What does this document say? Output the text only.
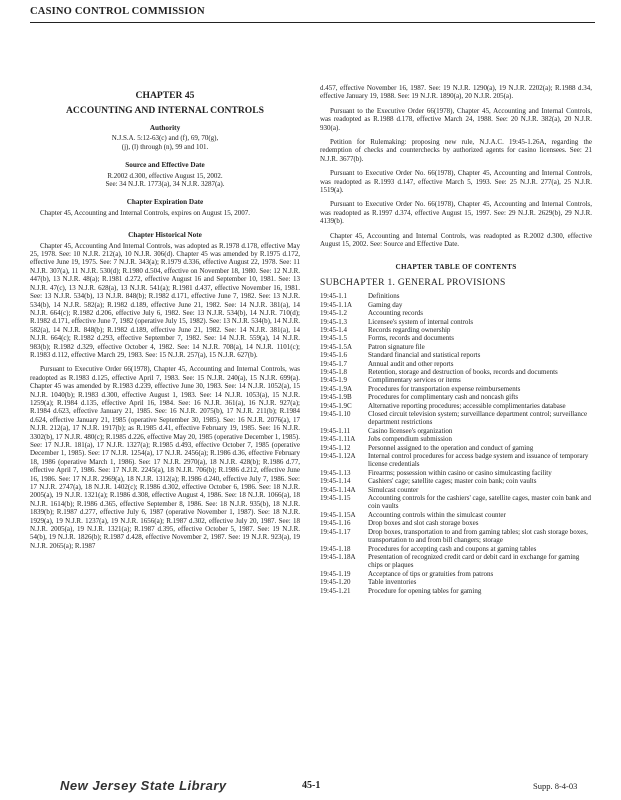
CASINO CONTROL COMMISSION
CHAPTER 45
ACCOUNTING AND INTERNAL CONTROLS
Authority

N.J.S.A. 5:12-63(c) and (f), 69, 70(g),

(j), (l) through (n), 99 and 101.

Source and Effective Date

R.2002 d.300, effective August 15, 2002.

See: 34 N.J.R. 1773(a), 34 N.J.R. 3287(a).

Chapter Expiration Date

Chapter 45, Accounting and Internal Controls, expires on August 15, 2007.

Chapter Historical Note

Chapter 45, Accounting And Internal Controls, was adopted as R.1978 d.178, effective May 25, 1978. See: 10 N.J.R. 212(a), 10 N.J.R. 306(d). Chapter 45 was amended by R.1975 d.172, effective June 19, 1975. See: 7 N.J.R. 343(a); R.1979 d.336, effective August 22, 1978. See: 11 N.J.R. 307(a), 11 N.J.R. 530(d); R.1980 d.504, effective on November 18, 1980. See: 12 N.J.R. 447(b), 13 N.J.R. 48(a); R.1981 d.272, effective August 16 and September 10, 1981. See: 13 N.J.R. 47(c), 13 N.J.R. 628(a), 13 N.J.R. 541(a); R.1981 d.437, effective November 16, 1981. See: 13 N.J.R. 534(b), 13 N.J.R. 848(b); R.1982 d.171, effective June 7, 1982. See: 13 N.J.R. 534(b), 14 N.J.R. 582(a); R.1982 d.189, effective June 21, 1982. See: 14 N.J.R. 381(a), 14 N.J.R. 664(c); R.1982 d.206, effective July 6, 1982. See: 13 N.J.R. 534(b), 14 N.J.R. 710(d); R.1982 d.171, effective June 7, 1982 (operative July 15, 1982). See: 13 N.J.R. 534(b), 14 N.J.R. 582(a), 14 N.J.R. 848(b); R.1982 d.189, effective June 21, 1982. See: 14 N.J.R. 381(a), 14 N.J.R. 664(c); R.1982 d.293, effective September 7, 1982. See: 14 N.J.R. 559(a), 14 N.J.R. 983(b); R.1982 d.329, effective October 4, 1982. See: 14 N.J.R. 708(a), 14 N.J.R. 1101(c); R.1983 d.112, effective March 29, 1983. See: 15 N.J.R. 257(a), 15 N.J.R. 627(b).

Pursuant to Executive Order 66(1978), Chapter 45, Accounting and Internal Controls, was readopted as R.1983 d.125, effective April 7, 1983. See: 15 N.J.R. 240(a), 15 N.J.R. 699(a). Chapter 45 was amended by R.1983 d.239, effective June 30, 1983. See: 14 N.J.R. 1052(a), 15 N.J.R. 1040(b); R.1983 d.300, effective August 1, 1983. See: 14 N.J.R. 1053(a), 15 N.J.R. 1259(a); R.1984 d.135, effective April 16, 1984. See: 16 N.J.R. 361(a), 16 N.J.R. 927(a); R.1984 d.623, effective January 21, 1985. See: 16 N.J.R. 2075(b), 17 N.J.R. 211(b); R.1984 d.624, effective January 21, 1985 (operative September 30, 1985). See: 16 N.J.R. 2076(a), 17 N.J.R. 212(a), 17 N.J.R. 1917(b); as R.1985 d.41, effective February 19, 1985. See: 16 N.J.R. 3302(b), 17 N.J.R. 480(c); R.1985 d.226, effective May 20, 1985 (operative December 1, 1985). See: 17 N.J.R. 181(a), 17 N.J.R. 1327(a); R.1985 d.493, effective October 7, 1985 (operative December 1, 1985). See: 17 N.J.R. 1254(a), 17 N.J.R. 2456(a); R.1986 d.36, effective February 18, 1986 (operative March 1, 1986). See: 17 N.J.R. 2970(a), 18 N.J.R. 428(b); R.1986 d.77, effective April 7, 1986. See: 17 N.J.R. 2245(a), 18 N.J.R. 706(b); R.1986 d.212, effective June 16, 1986. See: 17 N.J.R. 2969(a), 18 N.J.R. 1312(a); R.1986 d.240, effective July 7, 1986. See: 17 N.J.R. 2747(a), 18 N.J.R. 1402(c); R.1986 d.302, effective October 6, 1986. See: 18 N.J.R. 2005(a), 19 N.J.R. 1321(a); R.1986 d.308, effective August 4, 1986. See: 18 N.J.R. 1066(a), 18 N.J.R. 1614(b); R.1986 d.365, effective September 8, 1986. See: 18 N.J.R. 935(b), 18 N.J.R. 1839(b); R.1987 d.277, effective July 6, 1987 (operative November 1, 1987). See: 18 N.J.R. 1929(a), 19 N.J.R. 1237(a), 19 N.J.R. 1656(a); R.1987 d.302, effective July 20, 1987. See: 18 N.J.R. 2005(a), 19 N.J.R. 1321(a); R.1987 d.395, effective October 5, 1987. See: 19 N.J.R. 54(b), 19 N.J.R. 1826(b); R.1987 d.428, effective November 2, 1987. See: 19 N.J.R. 923(a), 19 N.J.R. 2065(a); R.1987

d.457, effective November 16, 1987. See: 19 N.J.R. 1290(a), 19 N.J.R. 2202(a); R.1988 d.34, effective January 19, 1988. See: 19 N.J.R. 1890(a), 20 N.J.R. 205(a).

Pursuant to the Executive Order 66(1978), Chapter 45, Accounting and Internal Controls, was readopted as R.1988 d.178, effective March 24, 1988. See: 20 N.J.R. 382(a), 20 N.J.R. 930(a).

Petition for Rulemaking: proposing new rule, N.J.A.C. 19:45-1.26A, regarding the redemption of checks and counterchecks by authorized agents for casino licensees. See: 21 N.J.R. 3677(b).

Pursuant to Executive Order No. 66(1978), Chapter 45, Accounting and Internal Controls, was readopted as R.1993 d.147, effective March 5, 1993. See: 25 N.J.R. 277(a), 25 N.J.R. 1519(a).

Pursuant to Executive Order No. 66(1978), Chapter 45, Accounting and Internal Controls, was readopted as R.1997 d.374, effective August 15, 1997. See: 29 N.J.R. 2629(b), 29 N.J.R. 4139(b).

Chapter 45, Accounting and Internal Controls, was readopted as R.2002 d.300, effective August 15, 2002. See: Source and Effective Date.

CHAPTER TABLE OF CONTENTS
SUBCHAPTER 1. GENERAL PROVISIONS
19:45-1.1	Definitions
19:45-1.1A	Gaming day
19:45-1.2	Accounting records
19:45-1.3	Licensee's system of internal controls
19:45-1.4	Records regarding ownership
19:45-1.5	Forms, records and documents
19:45-1.5A	Patron signature file
19:45-1.6	Standard financial and statistical reports
19:45-1.7	Annual audit and other reports
19:45-1.8	Retention, storage and destruction of books, records and documents
19:45-1.9	Complimentary services or items
19:45-1.9A	Procedures for transportation expense reimbursements
19:45-1.9B	Procedures for complimentary cash and noncash gifts
19:45-1.9C	Alternative reporting procedures; accessible complimentaries database
19:45-1.10	Closed circuit television system; surveillance department control; surveillance department restrictions
19:45-1.11	Casino licensee's organization
19:45-1.11A	Jobs compendium submission
19:45-1.12	Personnel assigned to the operation and conduct of gaming
19:45-1.12A	Internal control procedures for access badge system and issuance of temporary license credentials
19:45-1.13	Firearms; possession within casino or casino simulcasting facility
19:45-1.14	Cashiers' cage; satellite cages; master coin bank; coin vaults
19:45-1.14A	Simulcast counter
19:45-1.15	Accounting controls for the cashiers' cage, satellite cages, master coin bank and coin vaults
19:45-1.15A	Accounting controls within the simulcast counter
19:45-1.16	Drop boxes and slot cash storage boxes
19:45-1.17	Drop boxes, transportation to and from gaming tables; slot cash storage boxes, transportation to and from bill changers; storage
19:45-1.18	Procedures for accepting cash and coupons at gaming tables
19:45-1.18A	Presentation of recognized credit card or debit card in exchange for gaming chips or plaques
19:45-1.19	Acceptance of tips or gratuities from patrons
19:45-1.20	Table inventories
19:45-1.21	Procedure for opening tables for gaming
New Jersey State Library	45-1	Supp. 8-4-03
